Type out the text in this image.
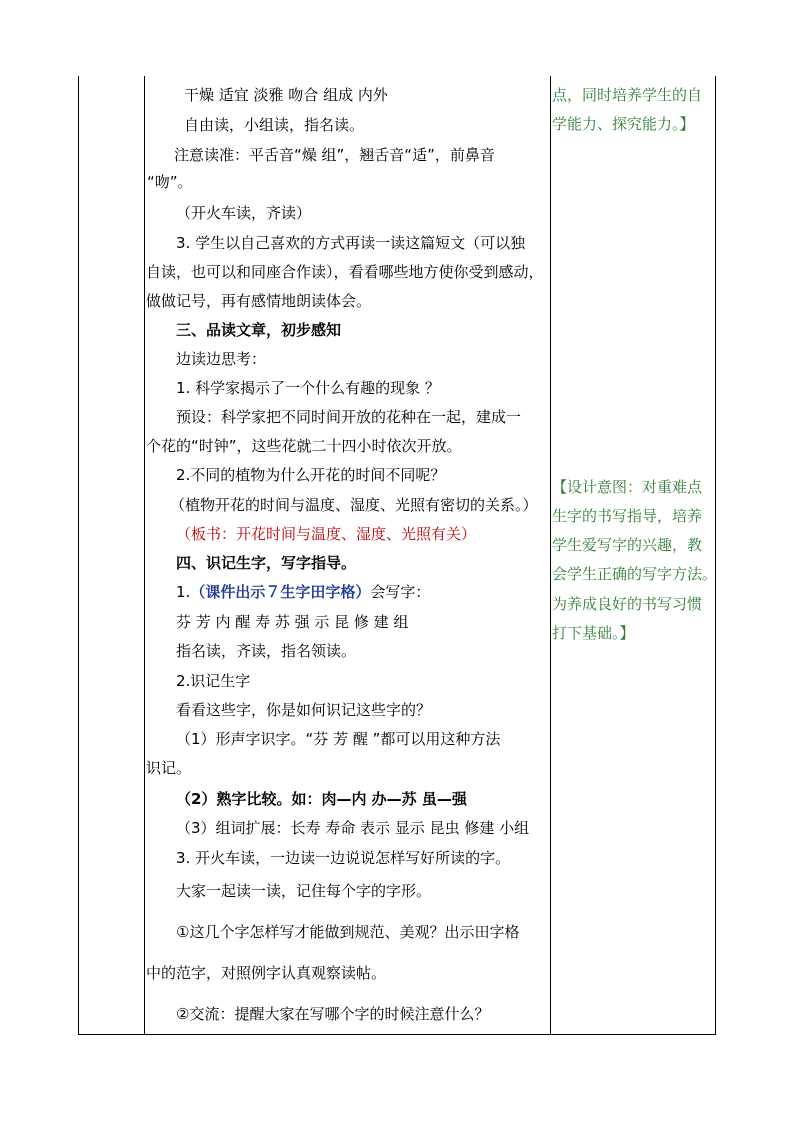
干燥 适宜 淡雅 吻合 组成 内外
自由读，小组读，指名读。
注意读准：平舌音“燥 组”，翘舌音“适”，前鼻音
“吻”。
（开火车读，齐读）
3. 学生以自己喜欢的方式再读一读这篇短文（可以独
自读，也可以和同座合作读），看看哪些地方使你受到感动，
做做记号，再有感情地朗读体会。
三、品读文章，初步感知
边读边思考：
1. 科学家揭示了一个什么有趣的现象 ？
预设：科学家把不同时间开放的花种在一起，建成一
个花的“时钟”，这些花就二十四小时依次开放。
2.不同的植物为什么开花的时间不同呢？
（植物开花的时间与温度、湿度、光照有密切的关系。）
（板书：开花时间与温度、湿度、光照有关）
四、识记生字，写字指导。
1.（课件出示７生字田字格）会写字：
芬 芳 内 醒 寿 苏 强 示 昆 修 建 组
指名读，齐读，指名领读。
2.识记生字
看看这些字，你是如何识记这些字的？
（1）形声字识字。“芬 芳 醒 ”都可以用这种方法
识记。
（2）熟字比较。如：肉—内 办—苏 虽—强
（3）组词扩展：长寿 寿命 表示 显示 昆虫 修建 小组
3. 开火车读，一边读一边说说怎样写好所读的字。
大家一起读一读，记住每个字的字形。
①这几个字怎样写才能做到规范、美观？出示田字格
中的范字，对照例字认真观察读帖。
②交流：提醒大家在写哪个字的时候注意什么？
点，同时培养学生的自
学能力、探究能力。】
【设计意图：对重难点
生字的书写指导，培养
学生爱写字的兴趣，教
会学生正确的写字方法。
为养成良好的书写习惯
打下基础。】
